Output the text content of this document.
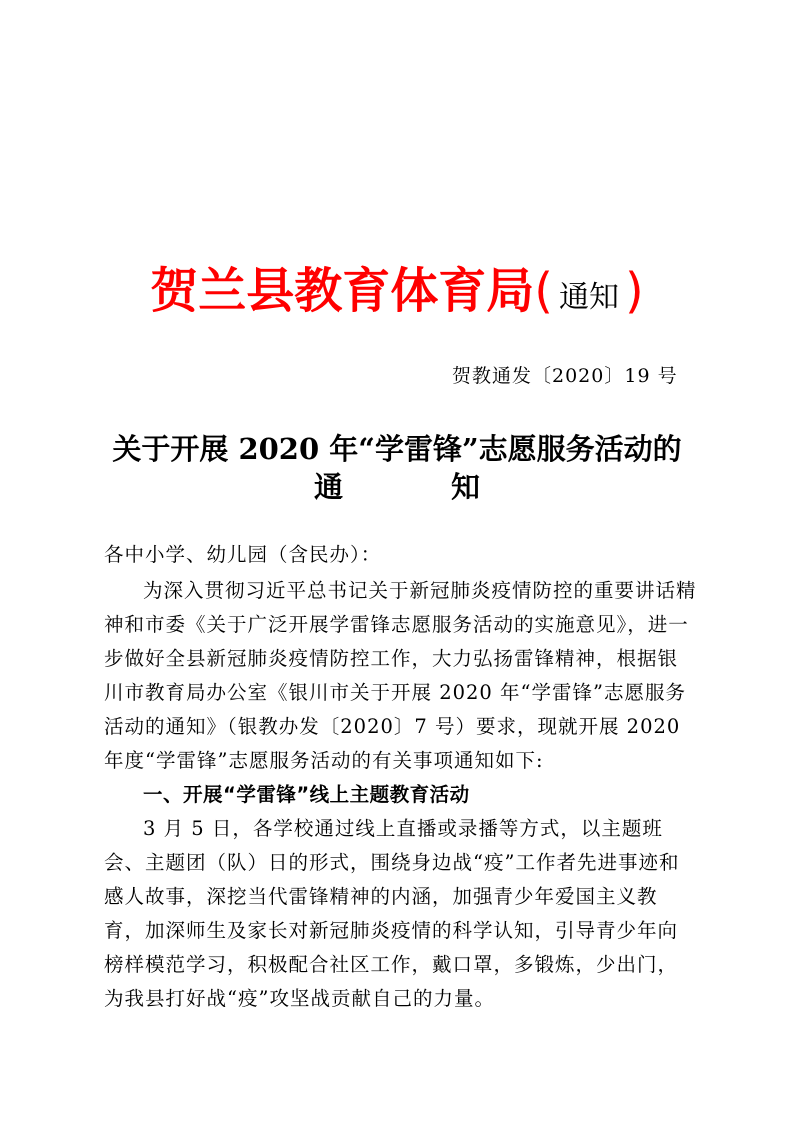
贺兰县教育体育局( 通知 )
贺教通发〔2020〕19 号
关于开展 2020 年“学雷锋”志愿服务活动的
通	知

各中小学、幼儿园（含民办）：

为深入贯彻习近平总书记关于新冠肺炎疫情防控的重要讲话精神和市委《关于广泛开展学雷锋志愿服务活动的实施意见》，进一步做好全县新冠肺炎疫情防控工作，大力弘扬雷锋精神，根据银川市教育局办公室《银川市关于开展 2020 年“学雷锋”志愿服务活动的通知》（银教办发〔2020〕7 号）要求，现就开展 2020 年度“学雷锋”志愿服务活动的有关事项通知如下:

一、开展“学雷锋”线上主题教育活动

3 月 5 日，各学校通过线上直播或录播等方式，以主题班会、主题团（队）日的形式，围绕身边战“疫”工作者先进事迹和感人故事，深挖当代雷锋精神的内涵，加强青少年爱国主义教育，加深师生及家长对新冠肺炎疫情的科学认知，引导青少年向榜样模范学习，积极配合社区工作，戴口罩，多锻炼，少出门，为我县打好战“疫”攻坚战贡献自己的力量。
